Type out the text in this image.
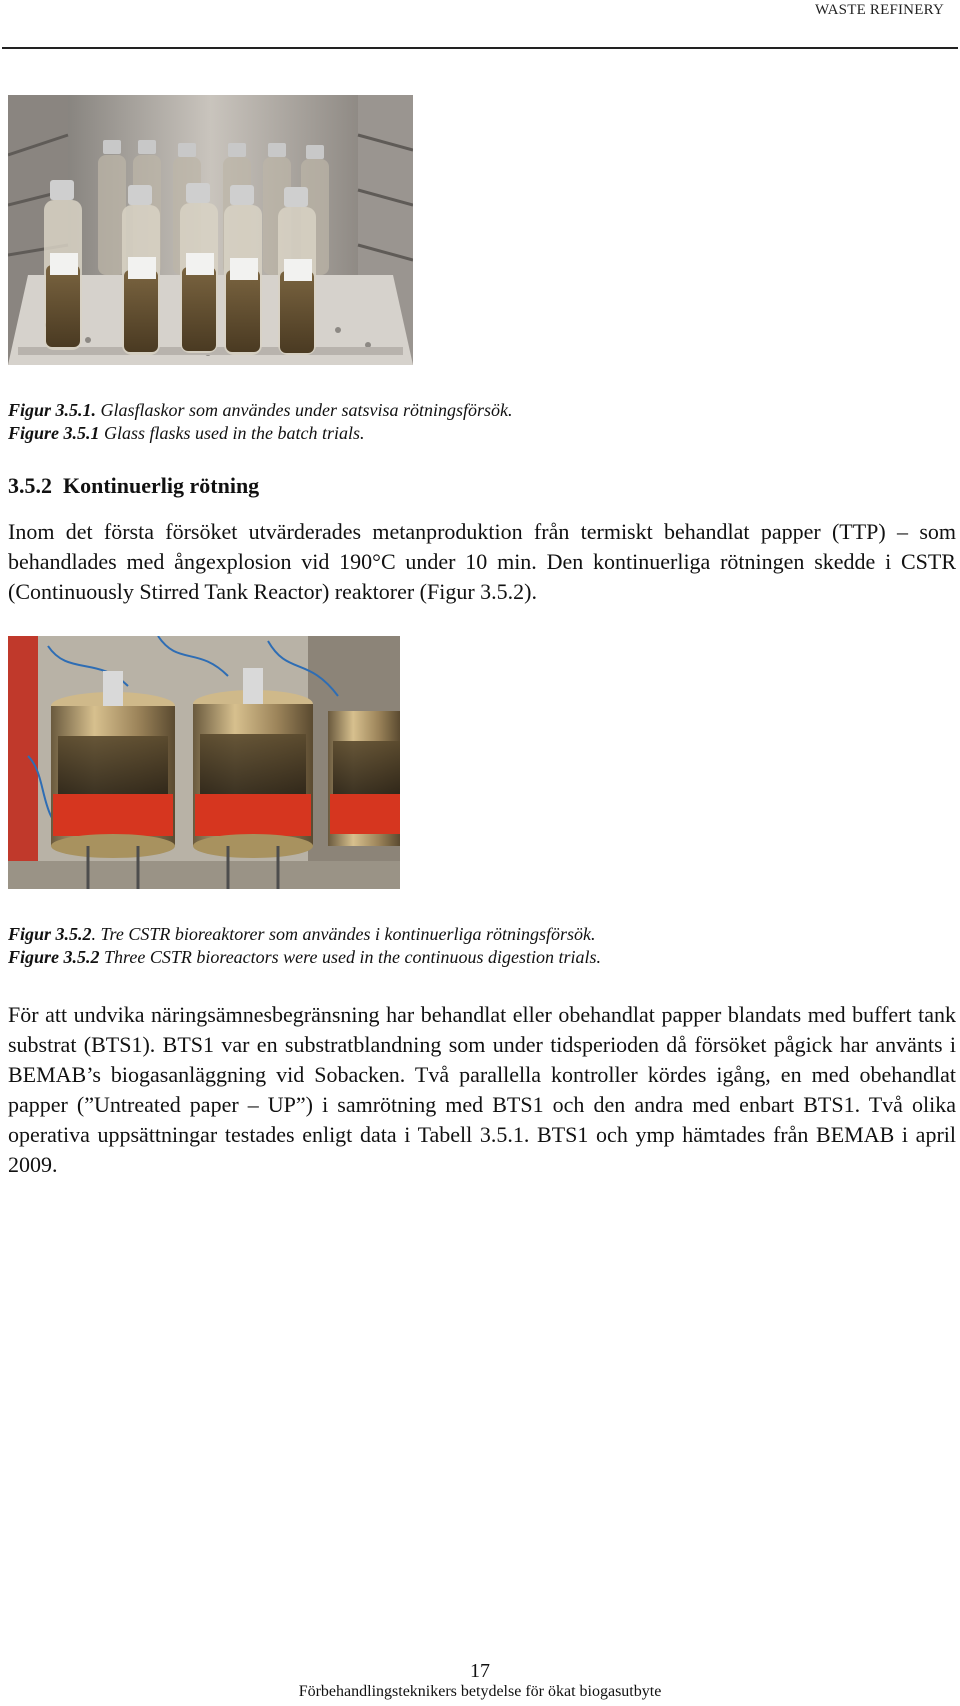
WASTE REFINERY
Figur 3.5.1. Glasflaskor som användes under satsvisa rötningsförsök.
Figure 3.5.1 Glass flasks used in the batch trials.
3.5.2 Kontinuerlig rötning
Inom det första försöket utvärderades metanproduktion från termiskt behandlat papper (TTP) – som behandlades med ångexplosion vid 190°C under 10 min. Den kontinuerliga rötningen skedde i CSTR (Continuously Stirred Tank Reactor) reaktorer (Figur 3.5.2).
Figur 3.5.2. Tre CSTR bioreaktorer som användes i kontinuerliga rötningsförsök.
Figure 3.5.2 Three CSTR bioreactors were used in the continuous digestion trials.
För att undvika näringsämnesbegränsning har behandlat eller obehandlat papper blandats med buffert tank substrat (BTS1). BTS1 var en substratblandning som under tidsperioden då försöket pågick har använts i BEMAB’s biogasanläggning vid Sobacken. Två parallella kontroller kördes igång, en med obehandlat papper (”Untreated paper – UP”) i samrötning med BTS1 och den andra med enbart BTS1. Två olika operativa uppsättningar testades enligt data i Tabell 3.5.1. BTS1 och ymp hämtades från BEMAB i april 2009.
17
Förbehandlingsteknikers betydelse för ökat biogasutbyte
